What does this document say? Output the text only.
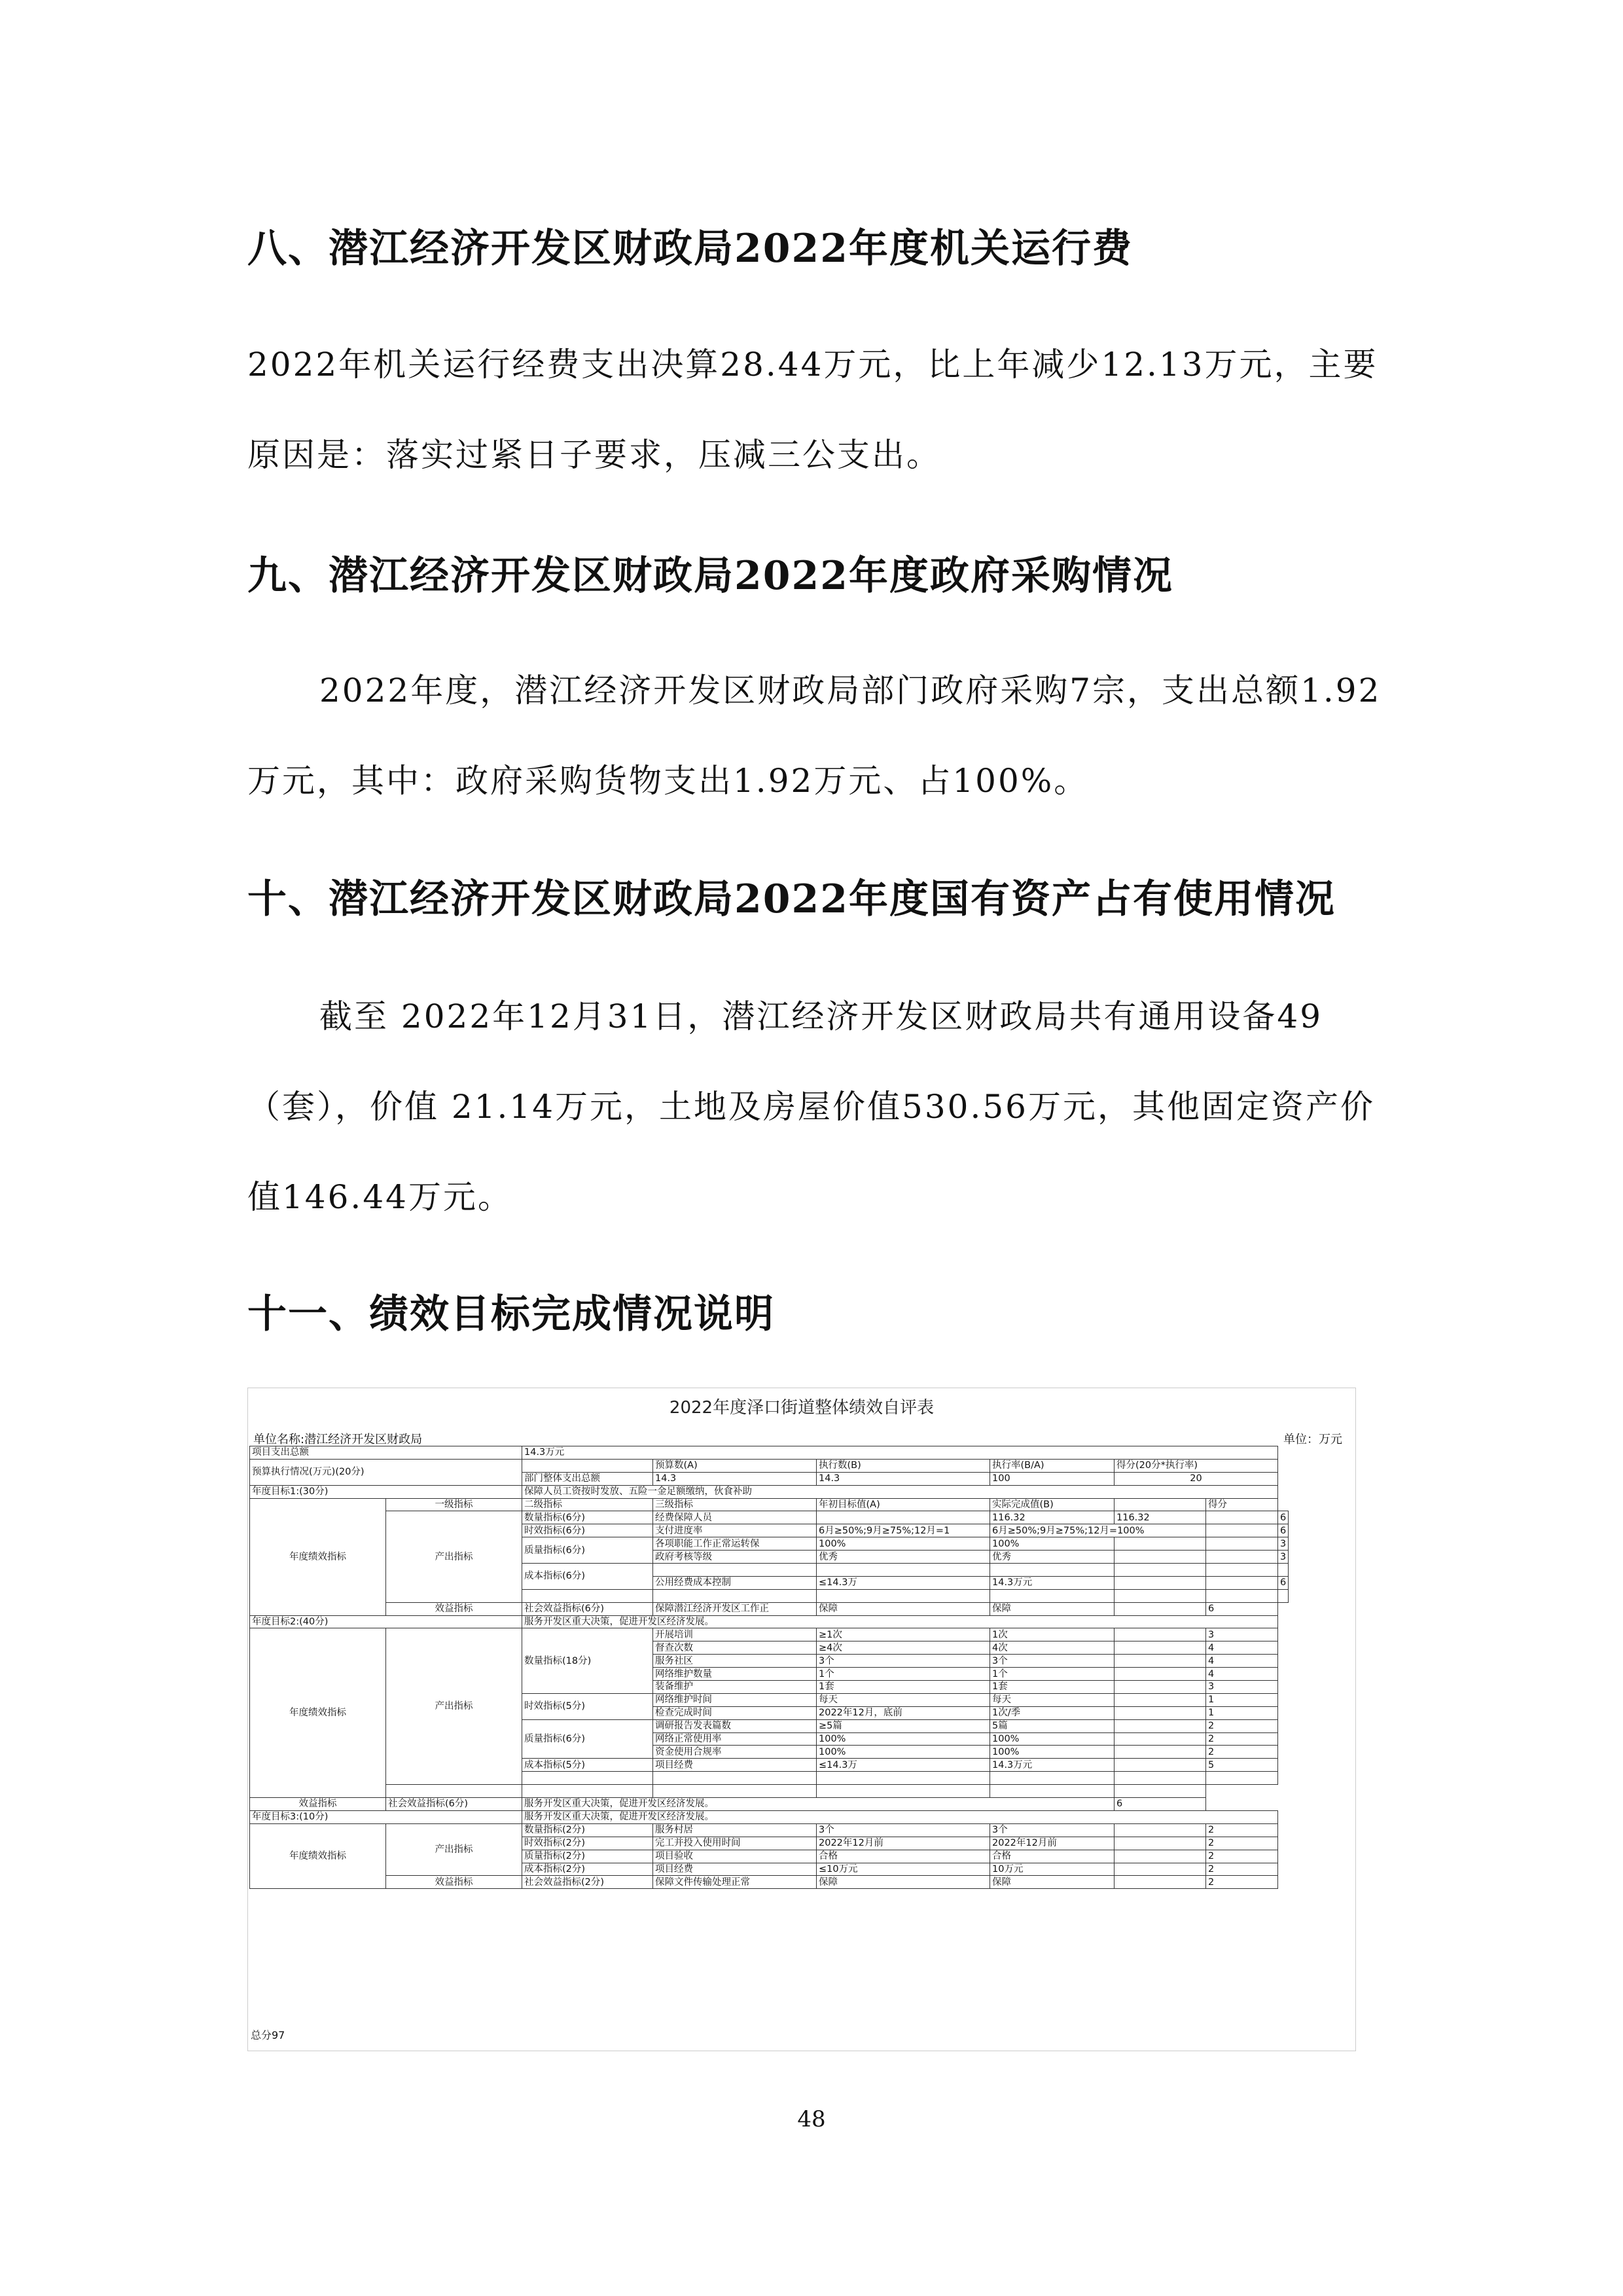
八、潜江经济开发区财政局2022年度机关运行费

2022年机关运行经费支出决算28.44万元，比上年减少12.13万元，主要原因是：落实过紧日子要求，压减三公支出。

九、潜江经济开发区财政局2022年度政府采购情况

2022年度，潜江经济开发区财政局部门政府采购7宗，支出总额1.92万元，其中：政府采购货物支出1.92万元、占100%。

十、潜江经济开发区财政局2022年度国有资产占有使用情况

截至 2022年12月31日，潜江经济开发区财政局共有通用设备49（套），价值 21.14万元，土地及房屋价值530.56万元，其他固定资产价值146.44万元。

十一、绩效目标完成情况说明
2022年度泽口街道整体绩效自评表
单位名称:潜江经济开发区财政局	单位：万元
项目支出总额		14.3万元						
预算执行情况(万元)(20分)			预算数(A)	执行数(B)	执行率(B/A)	得分(20分*执行率)		
		部门整体支出总额	14.3	14.3	100	20		
年度目标1:(30分)		保障人员工资按时发放、五险一金足额缴纳，伙食补助						
年度绩效指标	一级指标	二级指标	三级指标	年初目标值(A)	实际完成值(B)		得分	
	产出指标	数量指标(6分)	经费保障人员		116.32	116.32		6
		时效指标(6分)	支付进度率	6月≥50%;9月≥75%;12月=1	6月≥50%;9月≥75%;12月=100%			6
		质量指标(6分)	各项职能工作正常运转保	100%	100%			3
			政府考核等级	优秀	优秀			3
		成本指标(6分)						
			公用经费成本控制	≤14.3万	14.3万元			6

	效益指标	社会效益指标(6分)	保障潜江经济开发区工作正	保障	保障		6	
年度目标2:(40分)		服务开发区重大决策，促进开发区经济发展。						
年度绩效指标	产出指标	数量指标(18分)	开展培训	≥1次	1次		3	
			督查次数	≥4次	4次		4	
			服务社区	3个	3个		4	
			网络维护数量	1个	1个		4	
			装备维护	1套	1套		3	
		时效指标(5分)	网络维护时间	每天	每天		1	
			检查完成时间	2022年12月，底前	1次/季		1	
		质量指标(6分)	调研报告发表篇数	≥5篇	5篇		2	
			网络正常使用率	100%	100%		2	
			资金使用合规率	100%	100%		2	
		成本指标(5分)	项目经费	≤14.3万	14.3万元		5	

效益指标	社会效益指标(6分)	服务开发区重大决策，促进开发区经济发展。				6		
年度目标3:(10分)		服务开发区重大决策，促进开发区经济发展。						
年度绩效指标	产出指标	数量指标(2分)	服务村居	3个	3个		2	
		时效指标(2分)	完工并投入使用时间	2022年12月前	2022年12月前		2	
		质量指标(2分)	项目验收	合格	合格		2	
		成本指标(2分)	项目经费	≤10万元	10万元		2	
	效益指标	社会效益指标(2分)	保障文件传输处理正常	保障	保障		2	
总分97
48
